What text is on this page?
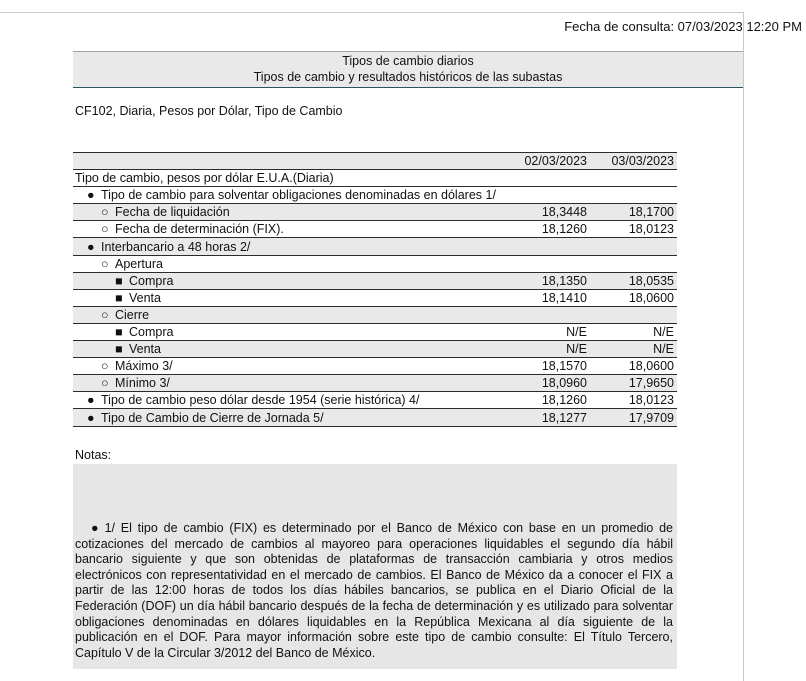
Fecha de consulta: 07/03/2023 12:20 PM
Tipos de cambio diarios
Tipos de cambio y resultados históricos de las subastas
CF102, Diaria, Pesos por Dólar, Tipo de Cambio
	02/03/2023	03/03/2023
Tipo de cambio, pesos por dólar E.U.A.(Diaria)		
● Tipo de cambio para solventar obligaciones denominadas en dólares 1/		
○ Fecha de liquidación	18,3448	18,1700
○ Fecha de determinación (FIX).	18,1260	18,0123
● Interbancario a 48 horas 2/		
○ Apertura		
■ Compra	18,1350	18,0535
■ Venta	18,1410	18,0600
○ Cierre		
■ Compra	N/E	N/E
■ Venta	N/E	N/E
○ Máximo 3/	18,1570	18,0600
○ Mínimo 3/	18,0960	17,9650
● Tipo de cambio peso dólar desde 1954 (serie histórica) 4/	18,1260	18,0123
● Tipo de Cambio de Cierre de Jornada 5/	18,1277	17,9709
Notas:
● 1/ El tipo de cambio (FIX) es determinado por el Banco de México con base en un promedio de cotizaciones del mercado de cambios al mayoreo para operaciones liquidables el segundo día hábil bancario siguiente y que son obtenidas de plataformas de transacción cambiaria y otros medios electrónicos con representatividad en el mercado de cambios. El Banco de México da a conocer el FIX a partir de las 12:00 horas de todos los días hábiles bancarios, se publica en el Diario Oficial de la Federación (DOF) un día hábil bancario después de la fecha de determinación y es utilizado para solventar obligaciones denominadas en dólares liquidables en la República Mexicana al día siguiente de la publicación en el DOF. Para mayor información sobre este tipo de cambio consulte: El Título Tercero, Capítulo V de la Circular 3/2012 del Banco de México.
